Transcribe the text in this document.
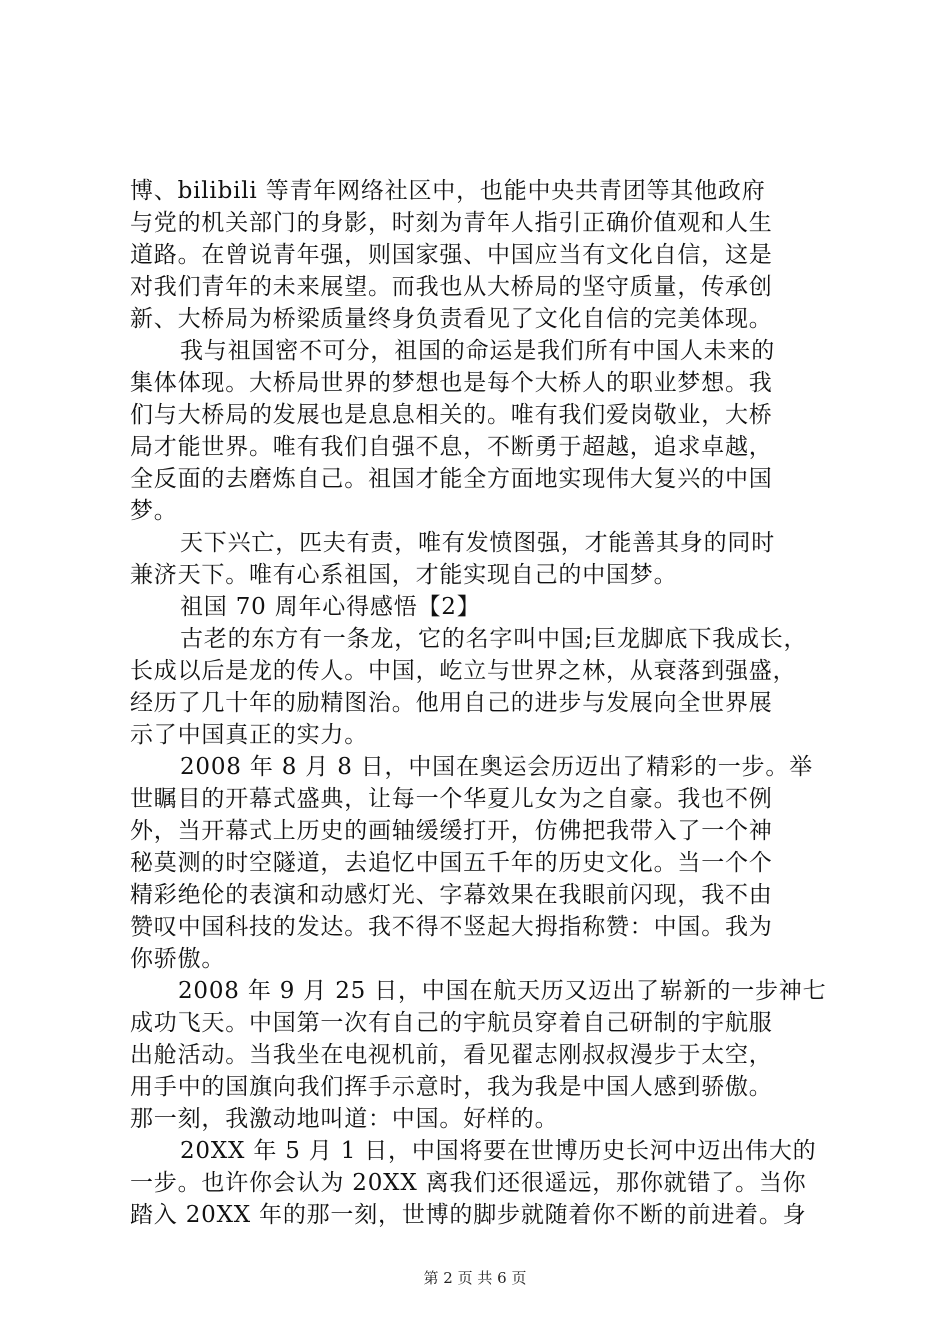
博、bilibili 等青年网络社区中，也能中央共青团等其他政府
与党的机关部门的身影，时刻为青年人指引正确价值观和人生
道路。在曾说青年强，则国家强、中国应当有文化自信，这是
对我们青年的未来展望。而我也从大桥局的坚守质量，传承创
新、大桥局为桥梁质量终身负责看见了文化自信的完美体现。
我与祖国密不可分，祖国的命运是我们所有中国人未来的
集体体现。大桥局世界的梦想也是每个大桥人的职业梦想。我
们与大桥局的发展也是息息相关的。唯有我们爱岗敬业，大桥
局才能世界。唯有我们自强不息，不断勇于超越，追求卓越，
全反面的去磨炼自己。祖国才能全方面地实现伟大复兴的中国
梦。
天下兴亡，匹夫有责，唯有发愤图强，才能善其身的同时
兼济天下。唯有心系祖国，才能实现自己的中国梦。
祖国 70 周年心得感悟【2】
古老的东方有一条龙，它的名字叫中国;巨龙脚底下我成长，
长成以后是龙的传人。中国，屹立与世界之林，从衰落到强盛，
经历了几十年的励精图治。他用自己的进步与发展向全世界展
示了中国真正的实力。
2008 年 8 月 8 日，中国在奥运会历迈出了精彩的一步。举
世瞩目的开幕式盛典，让每一个华夏儿女为之自豪。我也不例
外，当开幕式上历史的画轴缓缓打开，仿佛把我带入了一个神
秘莫测的时空隧道，去追忆中国五千年的历史文化。当一个个
精彩绝伦的表演和动感灯光、字幕效果在我眼前闪现，我不由
赞叹中国科技的发达。我不得不竖起大拇指称赞：中国。我为
你骄傲。
2008 年 9 月 25 日，中国在航天历又迈出了崭新的一步神七
成功飞天。中国第一次有自己的宇航员穿着自己研制的宇航服
出舱活动。当我坐在电视机前，看见翟志刚叔叔漫步于太空，
用手中的国旗向我们挥手示意时，我为我是中国人感到骄傲。
那一刻，我激动地叫道：中国。好样的。
20XX 年 5 月 1 日，中国将要在世博历史长河中迈出伟大的
一步。也许你会认为 20XX 离我们还很遥远，那你就错了。当你
踏入 20XX 年的那一刻，世博的脚步就随着你不断的前进着。身
第 2 页 共 6 页
